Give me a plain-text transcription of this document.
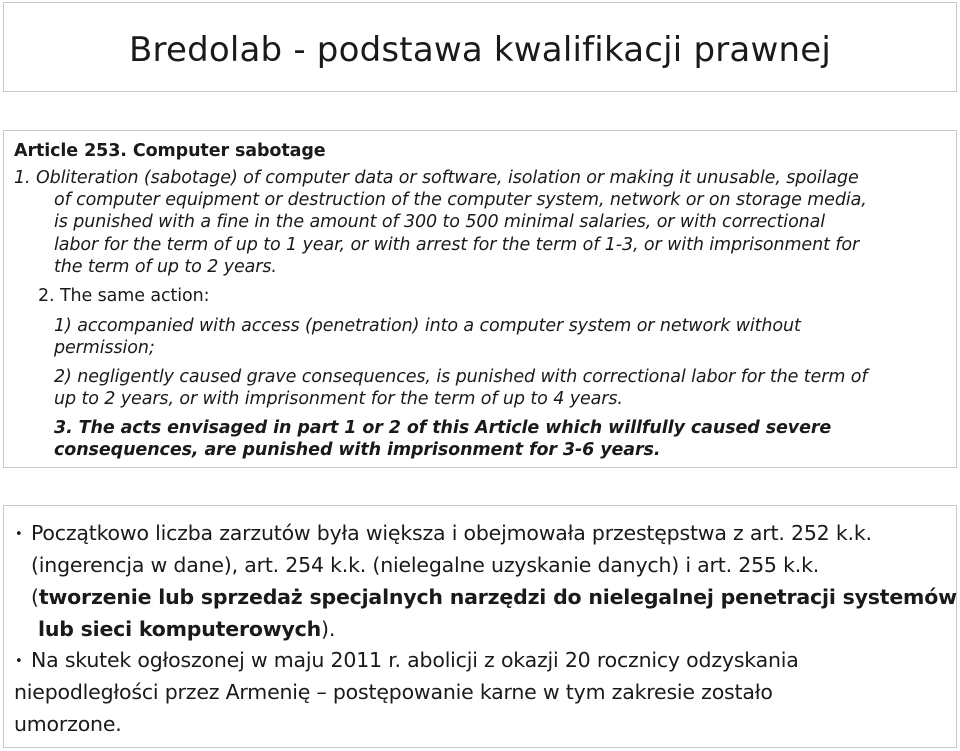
Bredolab - podstawa kwalifikacji prawnej
Article 253. Computer sabotage
1. Obliteration (sabotage) of computer data or software, isolation or making it unusable, spoilage
of computer equipment or destruction of the computer system, network or on storage media,
is punished with a fine in the amount of 300 to 500 minimal salaries, or with correctional
labor for the term of up to 1 year, or with arrest for the term of 1-3, or with imprisonment for
the term of up to 2 years.
2. The same action:
1) accompanied with access (penetration) into a computer system or network without
permission;
2) negligently caused grave consequences, is punished with correctional labor for the term of
up to 2 years, or with imprisonment for the term of up to 4 years.
3. The acts envisaged in part 1 or 2 of this Article which willfully caused severe
consequences, are punished with imprisonment for 3-6 years.
• Początkowo liczba zarzutów była większa i obejmowała przestępstwa z art. 252 k.k.
(ingerencja w dane), art. 254 k.k. (nielegalne uzyskanie danych) i art. 255 k.k.
(tworzenie lub sprzedaż specjalnych narzędzi do nielegalnej penetracji systemów
lub sieci komputerowych).
• Na skutek ogłoszonej w maju 2011 r. abolicji z okazji 20 rocznicy odzyskania
niepodległości przez Armenię – postępowanie karne w tym zakresie zostało
umorzone.
